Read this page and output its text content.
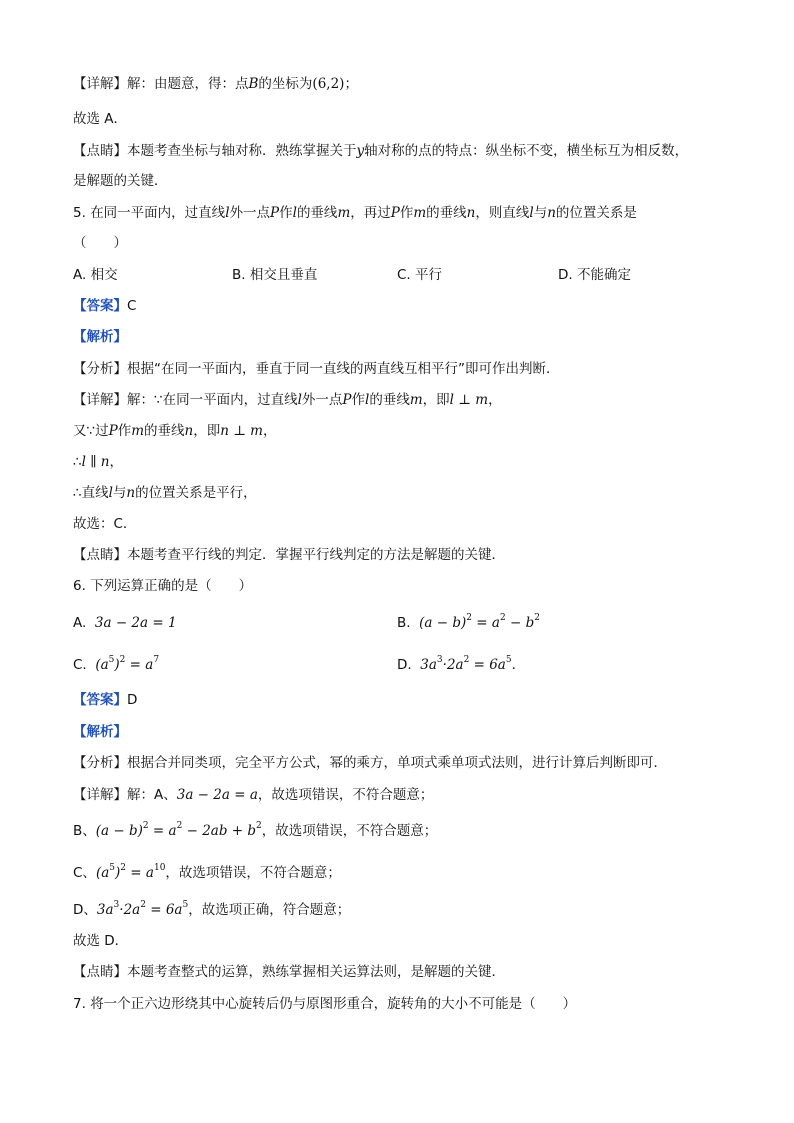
【详解】解：由题意，得：点B的坐标为(6,2)；
故选 A．
【点睛】本题考查坐标与轴对称．熟练掌握关于y轴对称的点的特点：纵坐标不变，横坐标互为相反数，
是解题的关键．
5. 在同一平面内，过直线l外一点P作l的垂线m，再过P作m的垂线n，则直线l与n的位置关系是
（　　）
A. 相交	B. 相交且垂直	C. 平行	D. 不能确定
【答案】C
【解析】
【分析】根据“在同一平面内，垂直于同一直线的两直线互相平行”即可作出判断．
【详解】解：∵在同一平面内，过直线l外一点P作l的垂线m，即l ⊥ m，
又∵过P作m的垂线n，即n ⊥ m，
∴l ∥ n，
∴直线l与n的位置关系是平行，
故选：C．
【点睛】本题考查平行线的判定．掌握平行线判定的方法是解题的关键．
6. 下列运算正确的是（　　）
A. 3a − 2a = 1	B. $(a - b)^2 = a^2 - b^2$
C. $(a^5)^2 = a^7$	D. $3a^3\cdot 2a^2 = 6a^5$．
【答案】D
【解析】
【分析】根据合并同类项，完全平方公式，幂的乘方，单项式乘单项式法则，进行计算后判断即可．
【详解】解：A、3a − 2a = a，故选项错误，不符合题意；
B、$(a - b)^2 = a^2 - 2ab + b^2$，故选项错误，不符合题意；
C、$(a^5)^2 = a^{10}$，故选项错误，不符合题意；
D、$3a^3\cdot 2a^2 = 6a^5$，故选项正确，符合题意；
故选 D．
【点睛】本题考查整式的运算，熟练掌握相关运算法则，是解题的关键．
7. 将一个正六边形绕其中心旋转后仍与原图形重合，旋转角的大小不可能是（　　）
